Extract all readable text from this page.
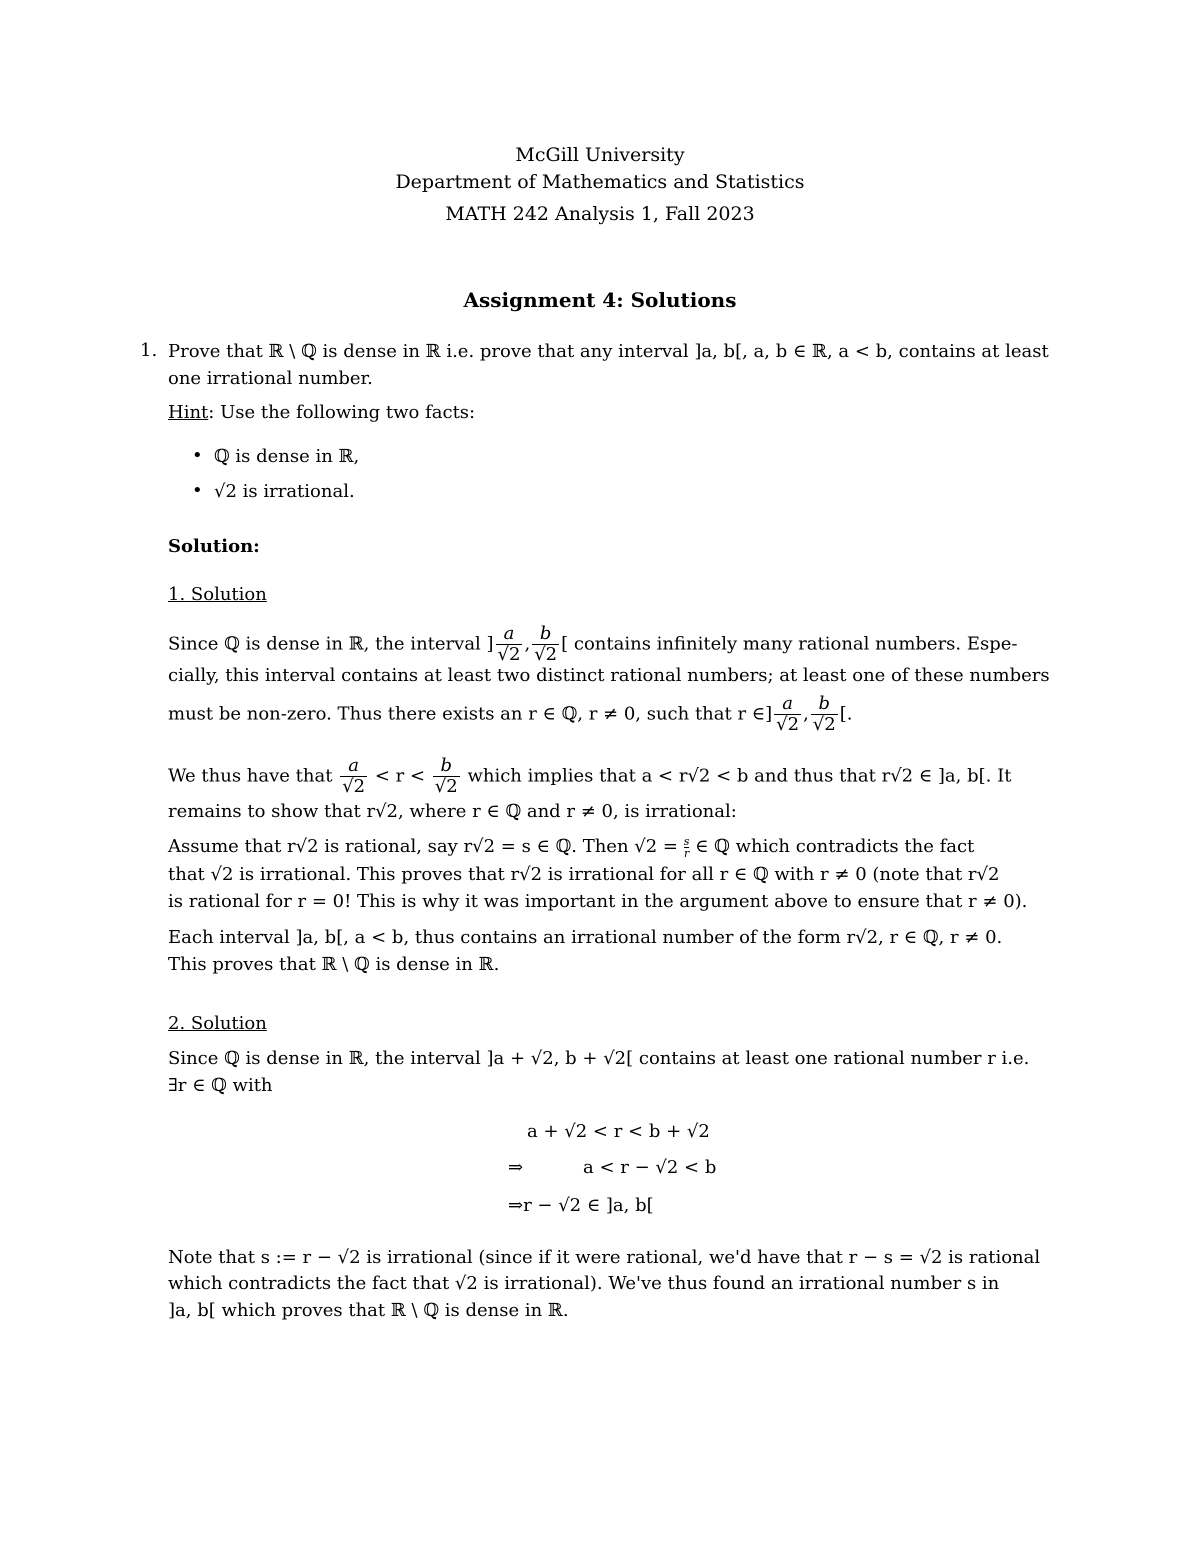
McGill University
Department of Mathematics and Statistics
MATH 242 Analysis 1, Fall 2023
Assignment 4: Solutions
1. Prove that ℝ \ ℚ is dense in ℝ i.e. prove that any interval ]a, b[, a, b ∈ ℝ, a < b, contains at least
one irrational number.
Hint: Use the following two facts:
• ℚ is dense in ℝ,
• √2 is irrational.
Solution:
1. Solution
Since ℚ is dense in ℝ, the interval ] $\frac{a}{√2}$ , $\frac{b}{√2}$ [ contains infinitely many rational numbers. Espe-
cially, this interval contains at least two distinct rational numbers; at least one of these numbers
must be non-zero. Thus there exists an r ∈ ℚ, r ≠ 0, such that r ∈] $\frac{a}{√2}$ , $\frac{b}{√2}$ [.
We thus have that $\frac{a}{√2} < r < \frac{b}{√2}$ which implies that a < r√2 < b and thus that r√2 ∈ ]a, b[. It
remains to show that r√2, where r ∈ ℚ and r ≠ 0, is irrational:
Assume that r√2 is rational, say r√2 = s ∈ ℚ. Then $√2 = \frac{s}{r}$ ∈ ℚ which contradicts the fact
that √2 is irrational. This proves that r√2 is irrational for all r ∈ ℚ with r ≠ 0 (note that r√2
is rational for r = 0! This is why it was important in the argument above to ensure that r ≠ 0).
Each interval ]a, b[, a < b, thus contains an irrational number of the form r√2, r ∈ ℚ, r ≠ 0.
This proves that ℝ \ ℚ is dense in ℝ.
2. Solution
Since ℚ is dense in ℝ, the interval ]a + √2, b + √2[ contains at least one rational number r i.e.
∃r ∈ ℚ with
a + √2 < r < b + √2
⇒	a < r − √2 < b
⇒r − √2 ∈ ]a, b[
Note that s := r − √2 is irrational (since if it were rational, we'd have that r − s = √2 is rational
which contradicts the fact that √2 is irrational). We've thus found an irrational number s in
]a, b[ which proves that ℝ \ ℚ is dense in ℝ.
